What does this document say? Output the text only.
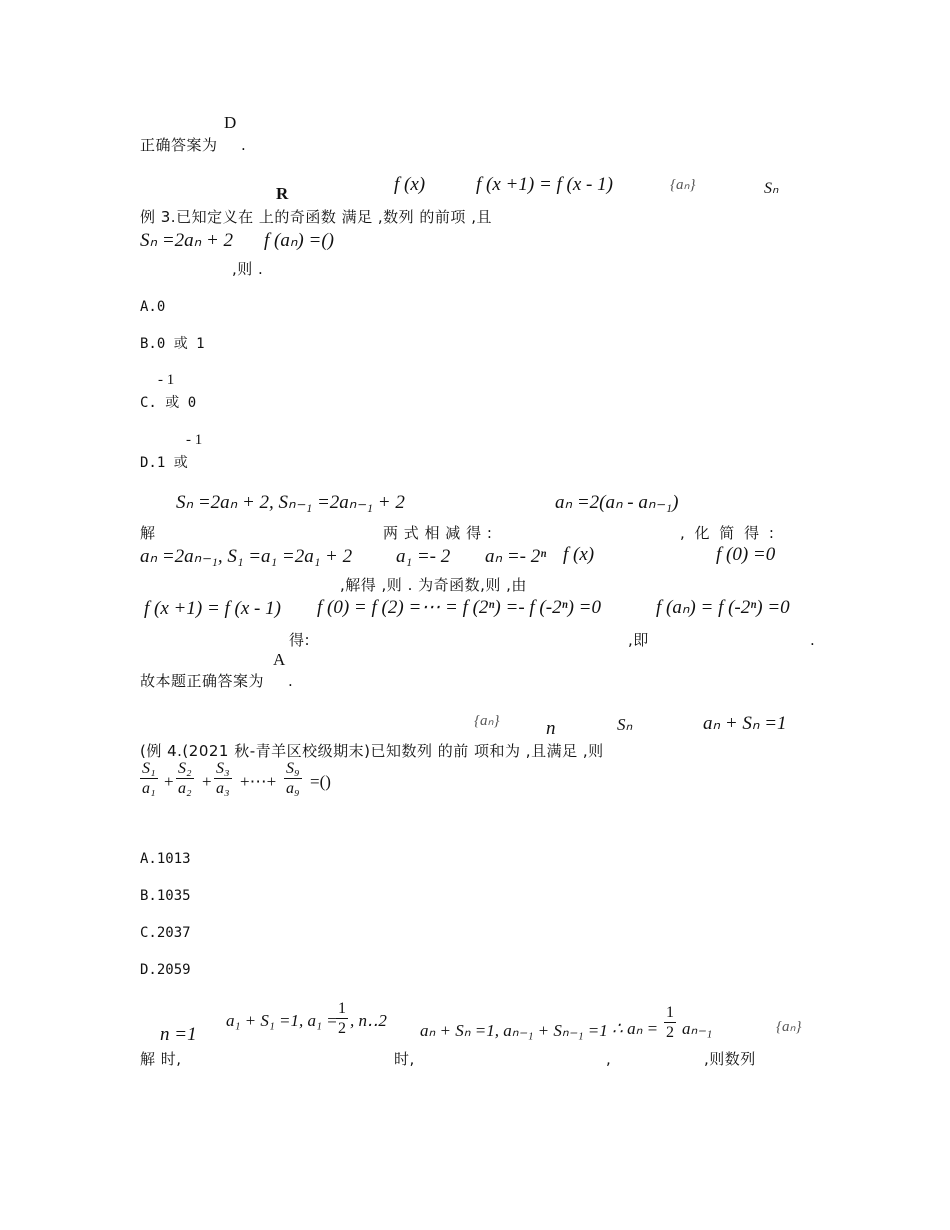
D
正确答案为 .
R	f (x)	f (x +1) = f (x - 1)	{aₙ}	Sₙ
例 3.已知定义在 上的奇函数 满足 ,数列 的前项 ,且
Sₙ =2aₙ + 2 f (aₙ) =()
,则 .
A.0
B.0 或 1
- 1
C. 或 0
- 1
D.1 或
Sₙ =2aₙ + 2, Sₙ₋₁ =2aₙ₋₁ + 2	aₙ =2(aₙ - aₙ₋₁)
解	两 式 相 减 得 :	, 化 简 得 :
aₙ =2aₙ₋₁, S₁ =a₁ =2a₁ + 2 a₁ =- 2 aₙ =- 2ⁿ f (x)	f (0) =0
,解得 ,则 . 为奇函数,则 ,由
f (x +1) = f (x - 1) f (0) = f (2) =⋯ = f (2ⁿ) =- f (-2ⁿ) =0	f (aₙ) = f (-2ⁿ) =0
得:	,即	.
A
故本题正确答案为 .
{aₙ} n	Sₙ	aₙ + Sₙ =1
(例 4.(2021 秋-青羊区校级期末)已知数列 的前 项和为 ,且满足 ,则
$\frac{\text{S₁}}{\text{a₁}} + \frac{\text{S₂}}{\text{a₂}} + \frac{\text{S₃}}{\text{a₃}}$ +⋯+ $\frac{\text{S₉}}{\text{a₉}}$ =()
A.1013
B.1035
C.2037
D.2059
n =1
a₁ + S₁ =1, a₁ =
$\frac{1}{2}$ , n‥2
aₙ + Sₙ =1, aₙ₋₁ + Sₙ₋₁ =1 ∴ $a_n = \frac{1}{2} a_{n-1}$	{aₙ}
解 时,	时,	,	,则数列
